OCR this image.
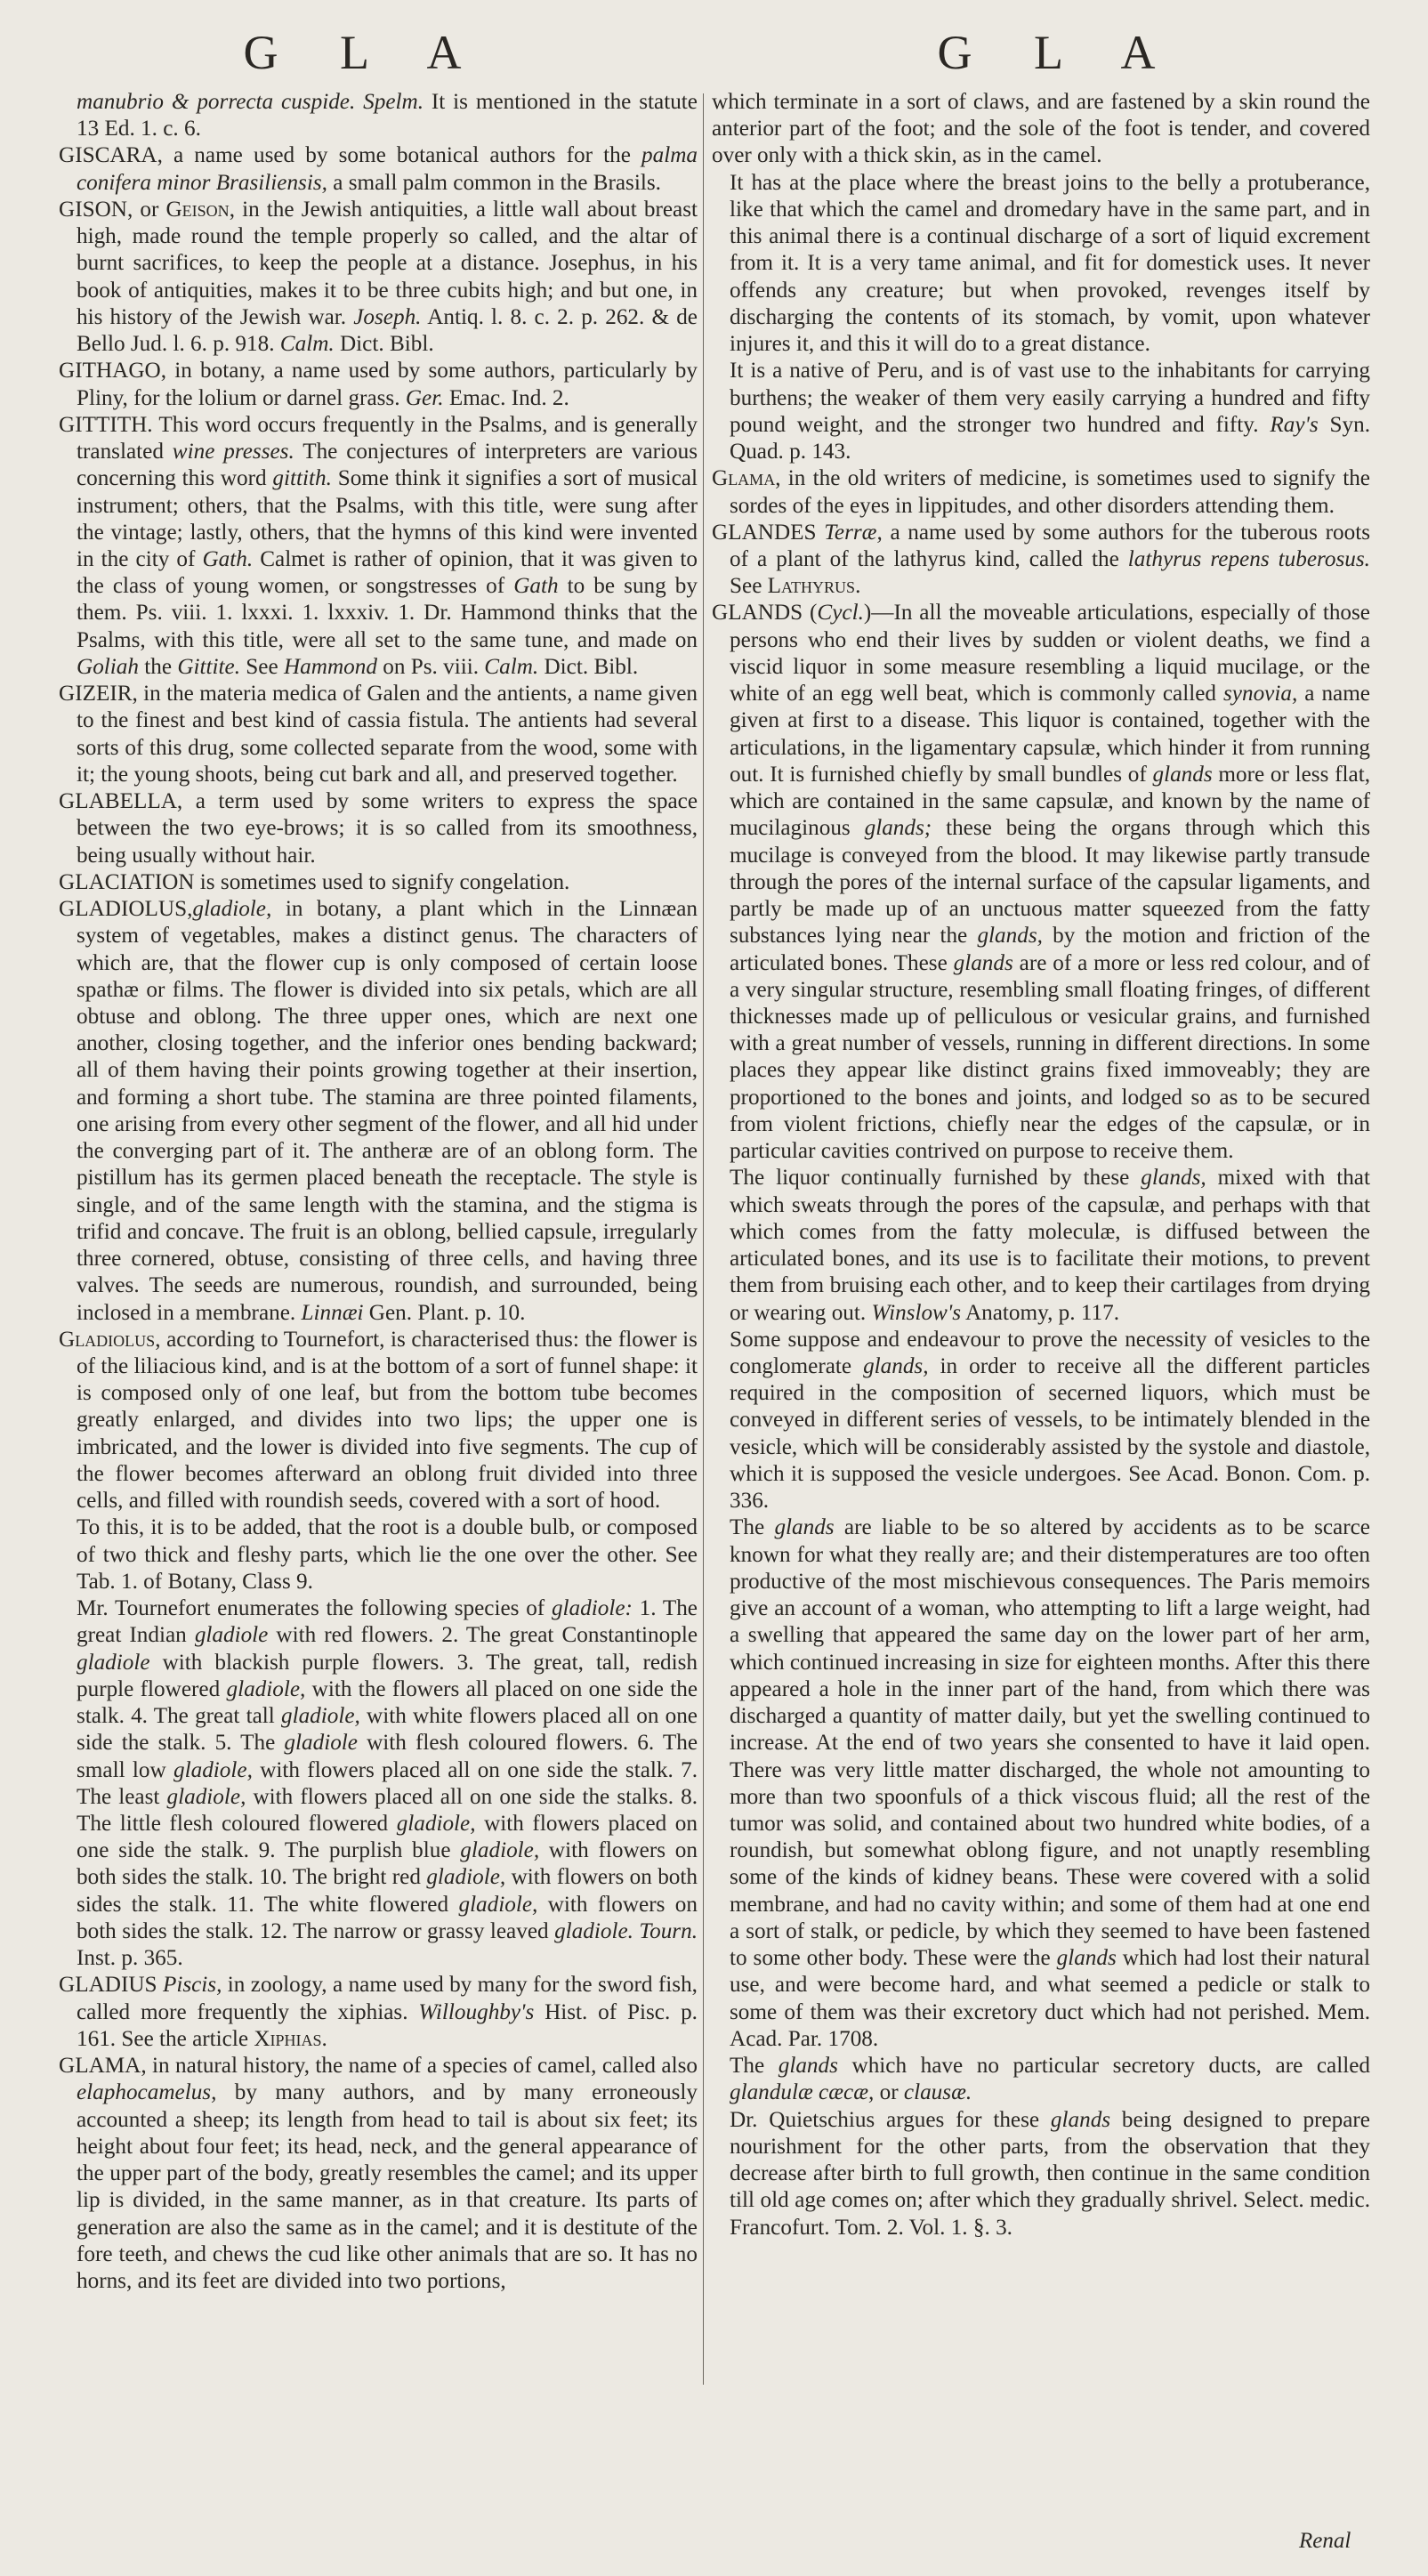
G L A	G L A

manubrio & porrecta cuspide. Spelm. It is mentioned in the statute 13 Ed. 1. c. 6.

GISCARA, a name used by some botanical authors for the palma conifera minor Brasiliensis, a small palm common in the Brasils.

GISON, or Geison, in the Jewish antiquities, a little wall about breast high, made round the temple properly so called, and the altar of burnt sacrifices, to keep the people at a distance. Josephus, in his book of antiquities, makes it to be three cubits high; and but one, in his history of the Jewish war. Joseph. Antiq. l. 8. c. 2. p. 262. & de Bello Jud. l. 6. p. 918. Calm. Dict. Bibl.

GITHAGO, in botany, a name used by some authors, particularly by Pliny, for the lolium or darnel grass. Ger. Emac. Ind. 2.

GITTITH. This word occurs frequently in the Psalms, and is generally translated wine presses. The conjectures of interpreters are various concerning this word gittith. Some think it signifies a sort of musical instrument; others, that the Psalms, with this title, were sung after the vintage; lastly, others, that the hymns of this kind were invented in the city of Gath. Calmet is rather of opinion, that it was given to the class of young women, or songstresses of Gath to be sung by them. Ps. viii. 1. lxxxi. 1. lxxxiv. 1. Dr. Hammond thinks that the Psalms, with this title, were all set to the same tune, and made on Goliah the Gittite. See Hammond on Ps. viii. Calm. Dict. Bibl.

GIZEIR, in the materia medica of Galen and the antients, a name given to the finest and best kind of cassia fistula. The antients had several sorts of this drug, some collected separate from the wood, some with it; the young shoots, being cut bark and all, and preserved together.

GLABELLA, a term used by some writers to express the space between the two eye-brows; it is so called from its smoothness, being usually without hair.

GLACIATION is sometimes used to signify congelation.

GLADIOLUS,gladiole, in botany, a plant which in the Linnæan system of vegetables, makes a distinct genus. The characters of which are, that the flower cup is only composed of certain loose spathæ or films. The flower is divided into six petals, which are all obtuse and oblong. The three upper ones, which are next one another, closing together, and the inferior ones bending backward; all of them having their points growing together at their insertion, and forming a short tube. The stamina are three pointed filaments, one arising from every other segment of the flower, and all hid under the converging part of it. The antheræ are of an oblong form. The pistillum has its germen placed beneath the receptacle. The style is single, and of the same length with the stamina, and the stigma is trifid and concave. The fruit is an oblong, bellied capsule, irregularly three cornered, obtuse, consisting of three cells, and having three valves. The seeds are numerous, roundish, and surrounded, being inclosed in a membrane. Linnæi Gen. Plant. p. 10.

Gladiolus, according to Tournefort, is characterised thus: the flower is of the liliacious kind, and is at the bottom of a sort of funnel shape: it is composed only of one leaf, but from the bottom tube becomes greatly enlarged, and divides into two lips; the upper one is imbricated, and the lower is divided into five segments. The cup of the flower becomes afterward an oblong fruit divided into three cells, and filled with roundish seeds, covered with a sort of hood.

To this, it is to be added, that the root is a double bulb, or composed of two thick and fleshy parts, which lie the one over the other. See Tab. 1. of Botany, Class 9.

Mr. Tournefort enumerates the following species of gladiole: 1. The great Indian gladiole with red flowers. 2. The great Constantinople gladiole with blackish purple flowers. 3. The great, tall, redish purple flowered gladiole, with the flowers all placed on one side the stalk. 4. The great tall gladiole, with white flowers placed all on one side the stalk. 5. The gladiole with flesh coloured flowers. 6. The small low gladiole, with flowers placed all on one side the stalk. 7. The least gladiole, with flowers placed all on one side the stalks. 8. The little flesh coloured flowered gladiole, with flowers placed on one side the stalk. 9. The purplish blue gladiole, with flowers on both sides the stalk. 10. The bright red gladiole, with flowers on both sides the stalk. 11. The white flowered gladiole, with flowers on both sides the stalk. 12. The narrow or grassy leaved gladiole. Tourn. Inst. p. 365.

GLADIUS Piscis, in zoology, a name used by many for the sword fish, called more frequently the xiphias. Willoughby's Hist. of Pisc. p. 161. See the article Xiphias.

GLAMA, in natural history, the name of a species of camel, called also elaphocamelus, by many authors, and by many erroneously accounted a sheep; its length from head to tail is about six feet; its height about four feet; its head, neck, and the general appearance of the upper part of the body, greatly resembles the camel; and its upper lip is divided, in the same manner, as in that creature. Its parts of generation are also the same as in the camel; and it is destitute of the fore teeth, and chews the cud like other animals that are so. It has no horns, and its feet are divided into two portions,

which terminate in a sort of claws, and are fastened by a skin round the anterior part of the foot; and the sole of the foot is tender, and covered over only with a thick skin, as in the camel.

It has at the place where the breast joins to the belly a protuberance, like that which the camel and dromedary have in the same part, and in this animal there is a continual discharge of a sort of liquid excrement from it. It is a very tame animal, and fit for domestick uses. It never offends any creature; but when provoked, revenges itself by discharging the contents of its stomach, by vomit, upon whatever injures it, and this it will do to a great distance.

It is a native of Peru, and is of vast use to the inhabitants for carrying burthens; the weaker of them very easily carrying a hundred and fifty pound weight, and the stronger two hundred and fifty. Ray's Syn. Quad. p. 143.

Glama, in the old writers of medicine, is sometimes used to signify the sordes of the eyes in lippitudes, and other disorders attending them.

GLANDES Terræ, a name used by some authors for the tuberous roots of a plant of the lathyrus kind, called the lathyrus repens tuberosus. See Lathyrus.

GLANDS (Cycl.)—In all the moveable articulations, especially of those persons who end their lives by sudden or violent deaths, we find a viscid liquor in some measure resembling a liquid mucilage, or the white of an egg well beat, which is commonly called synovia, a name given at first to a disease. This liquor is contained, together with the articulations, in the ligamentary capsulæ, which hinder it from running out. It is furnished chiefly by small bundles of glands more or less flat, which are contained in the same capsulæ, and known by the name of mucilaginous glands; these being the organs through which this mucilage is conveyed from the blood. It may likewise partly transude through the pores of the internal surface of the capsular ligaments, and partly be made up of an unctuous matter squeezed from the fatty substances lying near the glands, by the motion and friction of the articulated bones. These glands are of a more or less red colour, and of a very singular structure, resembling small floating fringes, of different thicknesses made up of pelliculous or vesicular grains, and furnished with a great number of vessels, running in different directions. In some places they appear like distinct grains fixed immoveably; they are proportioned to the bones and joints, and lodged so as to be secured from violent frictions, chiefly near the edges of the capsulæ, or in particular cavities contrived on purpose to receive them.

The liquor continually furnished by these glands, mixed with that which sweats through the pores of the capsulæ, and perhaps with that which comes from the fatty moleculæ, is diffused between the articulated bones, and its use is to facilitate their motions, to prevent them from bruising each other, and to keep their cartilages from drying or wearing out. Winslow's Anatomy, p. 117.

Some suppose and endeavour to prove the necessity of vesicles to the conglomerate glands, in order to receive all the different particles required in the composition of secerned liquors, which must be conveyed in different series of vessels, to be intimately blended in the vesicle, which will be considerably assisted by the systole and diastole, which it is supposed the vesicle undergoes. See Acad. Bonon. Com. p. 336.

The glands are liable to be so altered by accidents as to be scarce known for what they really are; and their distemperatures are too often productive of the most mischievous consequences. The Paris memoirs give an account of a woman, who attempting to lift a large weight, had a swelling that appeared the same day on the lower part of her arm, which continued increasing in size for eighteen months. After this there appeared a hole in the inner part of the hand, from which there was discharged a quantity of matter daily, but yet the swelling continued to increase. At the end of two years she consented to have it laid open. There was very little matter discharged, the whole not amounting to more than two spoonfuls of a thick viscous fluid; all the rest of the tumor was solid, and contained about two hundred white bodies, of a roundish, but somewhat oblong figure, and not unaptly resembling some of the kinds of kidney beans. These were covered with a solid membrane, and had no cavity within; and some of them had at one end a sort of stalk, or pedicle, by which they seemed to have been fastened to some other body. These were the glands which had lost their natural use, and were become hard, and what seemed a pedicle or stalk to some of them was their excretory duct which had not perished. Mem. Acad. Par. 1708.

The glands which have no particular secretory ducts, are called glandulæ cæcæ, or clausæ.

Dr. Quietschius argues for these glands being designed to prepare nourishment for the other parts, from the observation that they decrease after birth to full growth, then continue in the same condition till old age comes on; after which they gradually shrivel. Select. medic. Francofurt. Tom. 2. Vol. 1. §. 3.

Renal
